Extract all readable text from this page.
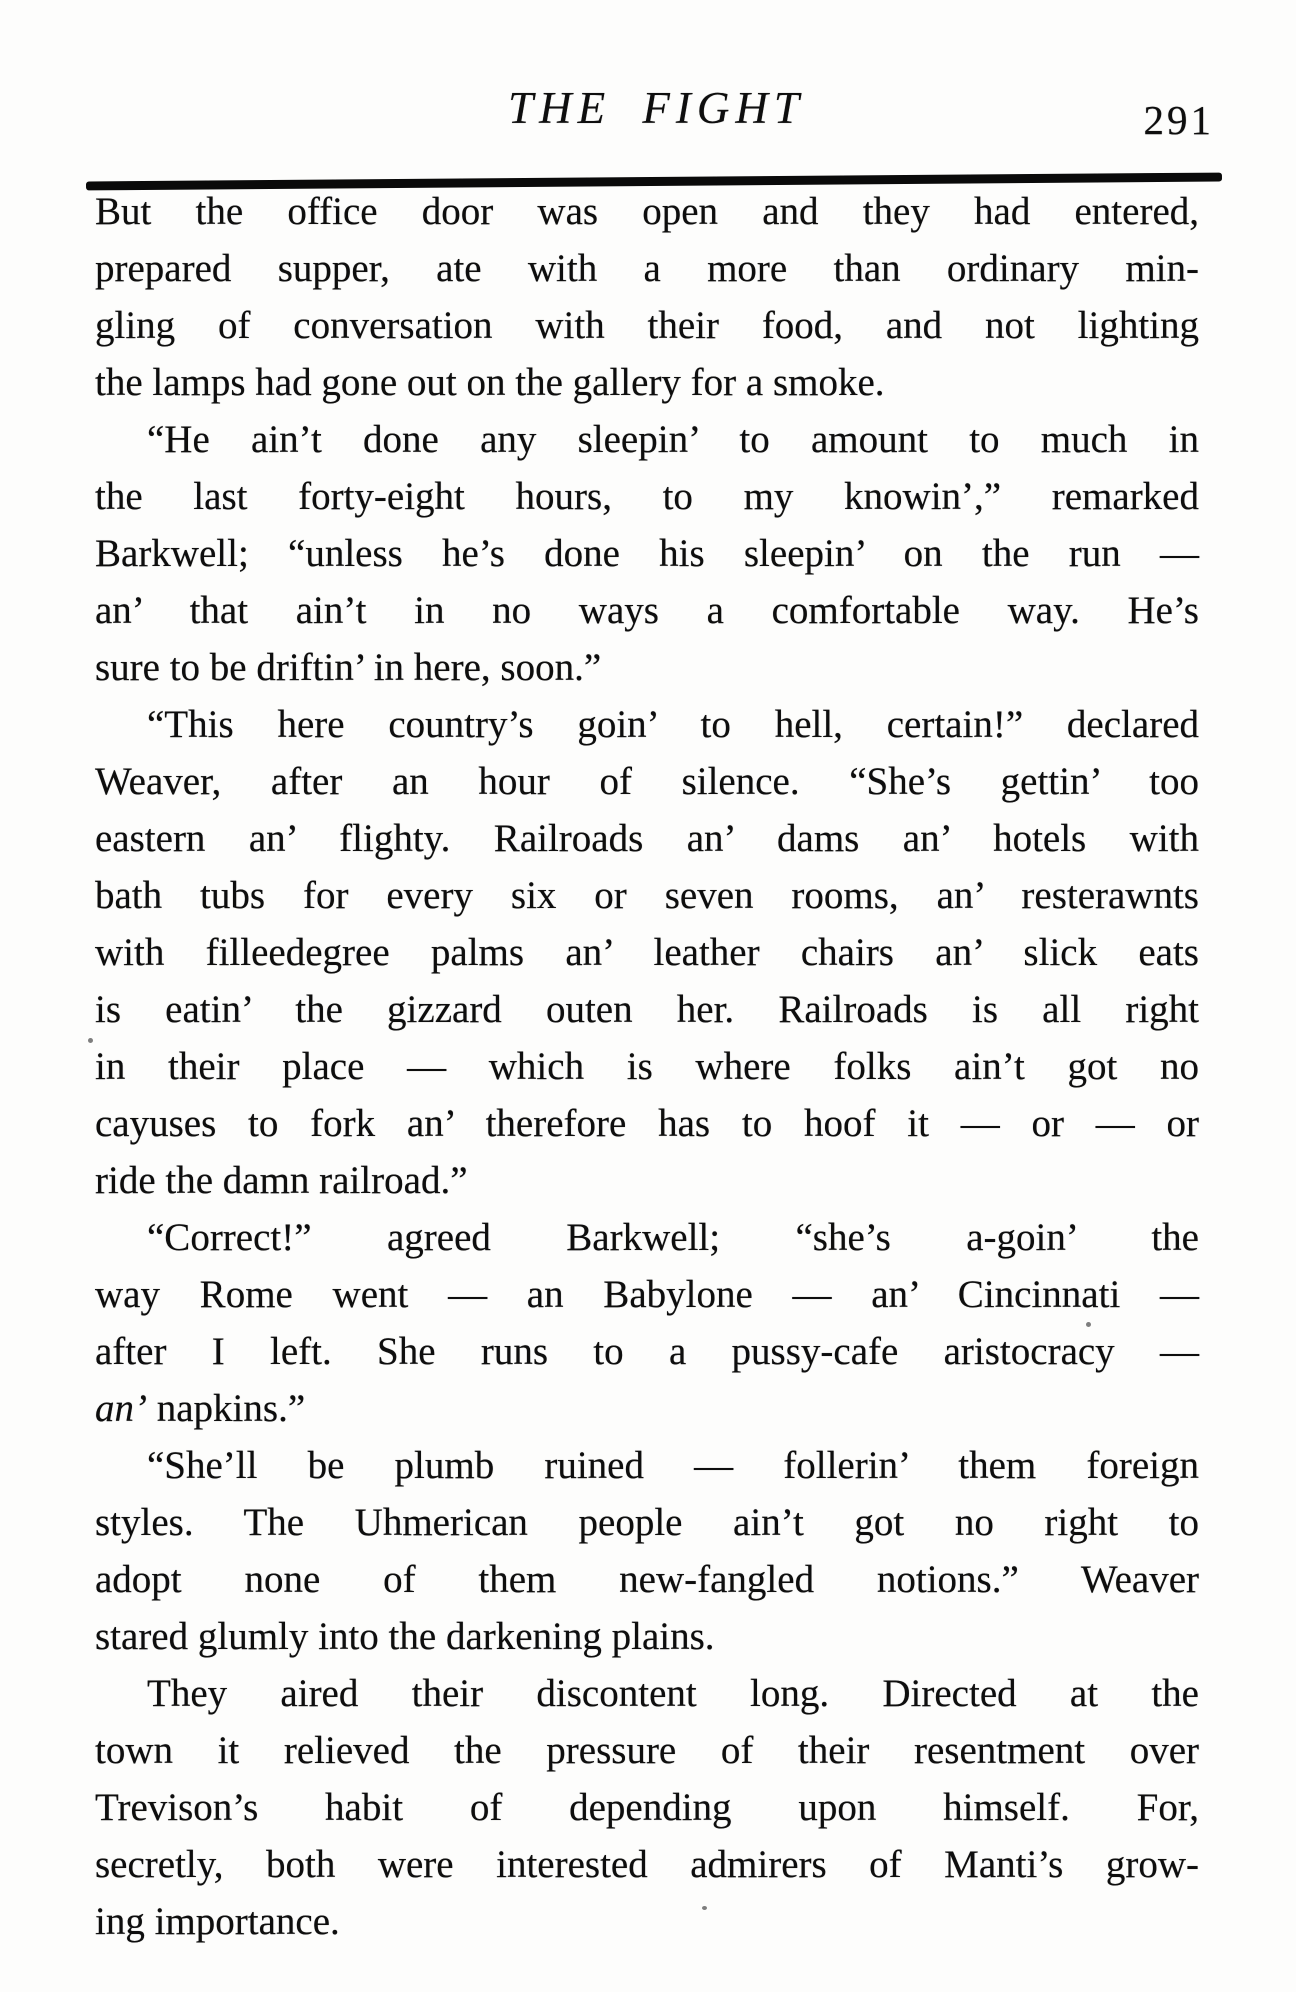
THE FIGHT	291
But the office door was open and they had entered,
prepared supper, ate with a more than ordinary min-
gling of conversation with their food, and not lighting
the lamps had gone out on the gallery for a smoke.
“He ain’t done any sleepin’ to amount to much in
the last forty-eight hours, to my knowin’,” remarked
Barkwell; “unless he’s done his sleepin’ on the run —
an’ that ain’t in no ways a comfortable way. He’s
sure to be driftin’ in here, soon.”
“This here country’s goin’ to hell, certain!” declared
Weaver, after an hour of silence. “She’s gettin’ too
eastern an’ flighty. Railroads an’ dams an’ hotels with
bath tubs for every six or seven rooms, an’ resterawnts
with filleedegree palms an’ leather chairs an’ slick eats
is eatin’ the gizzard outen her. Railroads is all right
in their place — which is where folks ain’t got no
cayuses to fork an’ therefore has to hoof it — or — or
ride the damn railroad.”
“Correct!” agreed Barkwell; “she’s a-goin’ the
way Rome went — an Babylone — an’ Cincinnati —
after I left. She runs to a pussy-cafe aristocracy —
an’ napkins.”
“She’ll be plumb ruined — follerin’ them foreign
styles. The Uhmerican people ain’t got no right to
adopt none of them new-fangled notions.” Weaver
stared glumly into the darkening plains.
They aired their discontent long. Directed at the
town it relieved the pressure of their resentment over
Trevison’s habit of depending upon himself. For,
secretly, both were interested admirers of Manti’s grow-
ing importance.
